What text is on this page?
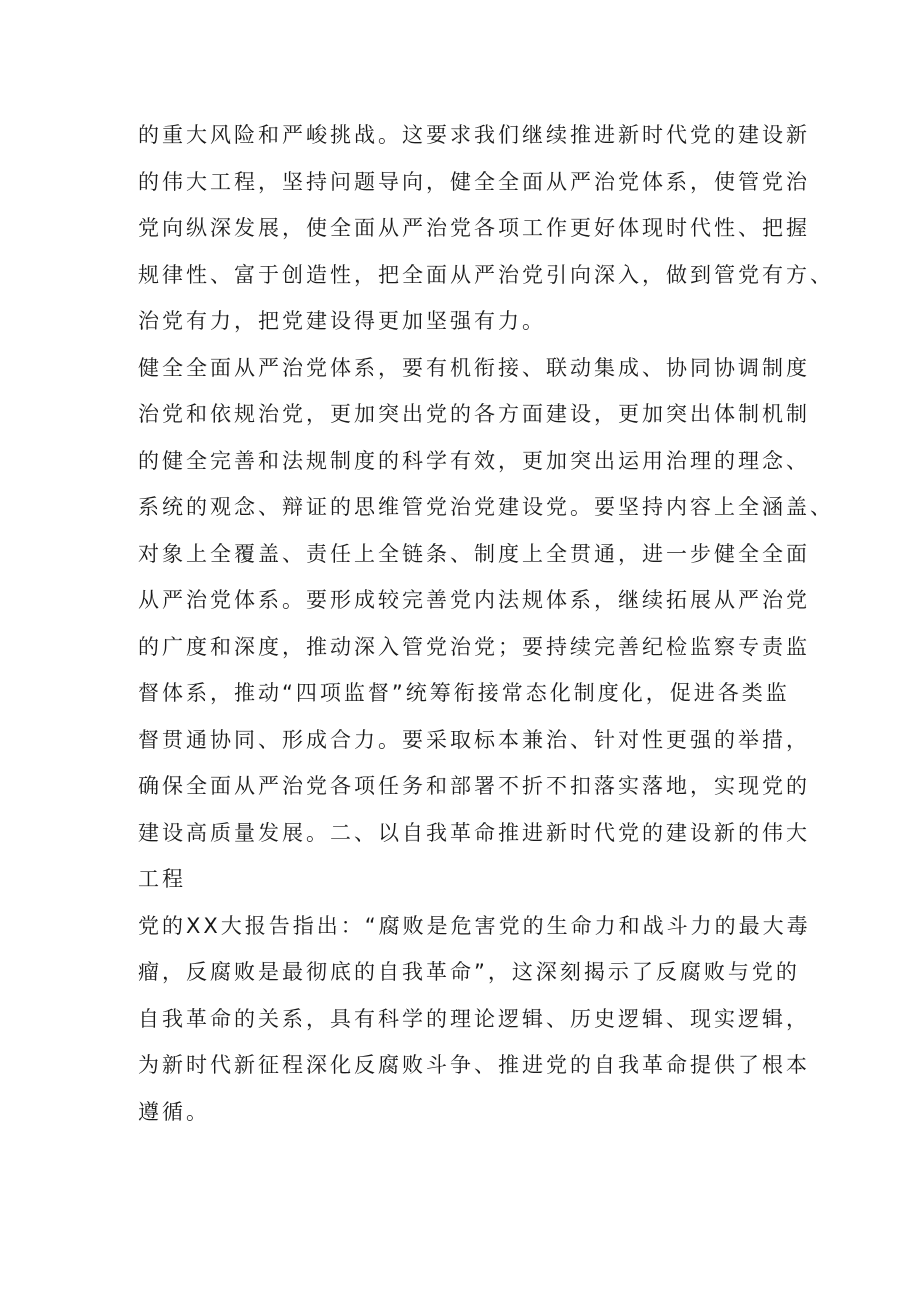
的重大风险和严峻挑战。这要求我们继续推进新时代党的建设新
的伟大工程，坚持问题导向，健全全面从严治党体系，使管党治
党向纵深发展，使全面从严治党各项工作更好体现时代性、把握
规律性、富于创造性，把全面从严治党引向深入，做到管党有方、
治党有力，把党建设得更加坚强有力。

健全全面从严治党体系，要有机衔接、联动集成、协同协调制度
治党和依规治党，更加突出党的各方面建设，更加突出体制机制
的健全完善和法规制度的科学有效，更加突出运用治理的理念、
系统的观念、辩证的思维管党治党建设党。要坚持内容上全涵盖、
对象上全覆盖、责任上全链条、制度上全贯通，进一步健全全面
从严治党体系。要形成较完善党内法规体系，继续拓展从严治党
的广度和深度，推动深入管党治党；要持续完善纪检监察专责监
督体系，推动“四项监督”统筹衔接常态化制度化，促进各类监
督贯通协同、形成合力。要采取标本兼治、针对性更强的举措，
确保全面从严治党各项任务和部署不折不扣落实落地，实现党的
建设高质量发展。二、以自我革命推进新时代党的建设新的伟大
工程

党的XX大报告指出：“腐败是危害党的生命力和战斗力的最大毒
瘤，反腐败是最彻底的自我革命”，这深刻揭示了反腐败与党的
自我革命的关系，具有科学的理论逻辑、历史逻辑、现实逻辑，
为新时代新征程深化反腐败斗争、推进党的自我革命提供了根本
遵循。
